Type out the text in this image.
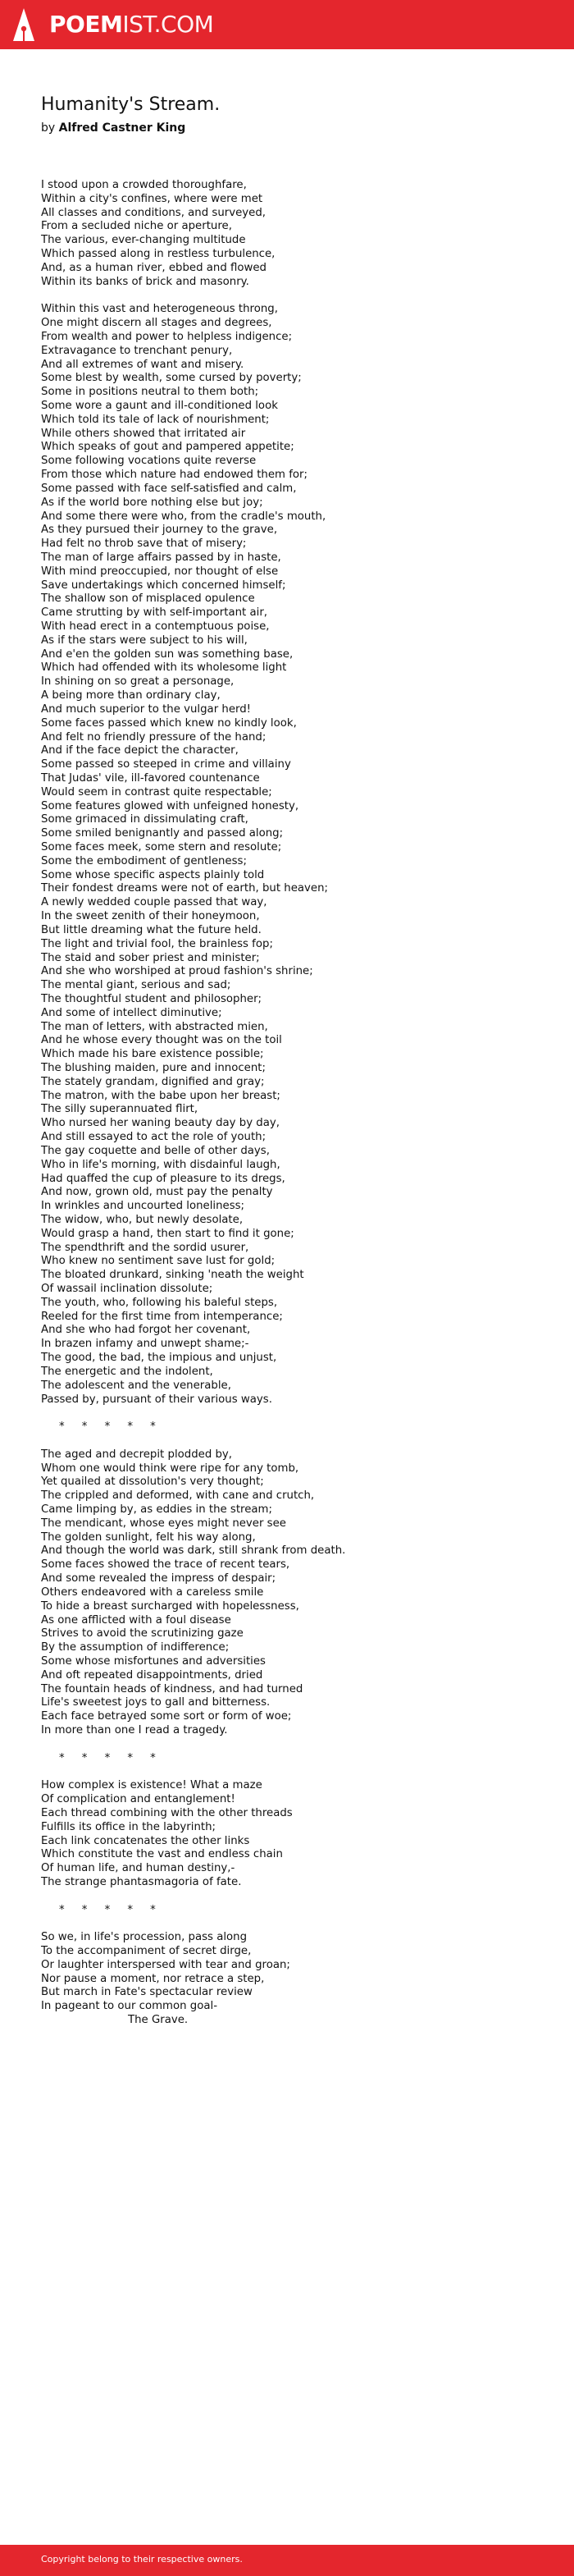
POEMIST.COM
Humanity's Stream.
by Alfred Castner King
I stood upon a crowded thoroughfare,
Within a city's confines, where were met
All classes and conditions, and surveyed,
From a secluded niche or aperture,
The various, ever-changing multitude
Which passed along in restless turbulence,
And, as a human river, ebbed and flowed
Within its banks of brick and masonry.
Within this vast and heterogeneous throng,
One might discern all stages and degrees,
From wealth and power to helpless indigence;
Extravagance to trenchant penury,
And all extremes of want and misery.
Some blest by wealth, some cursed by poverty;
Some in positions neutral to them both;
Some wore a gaunt and ill-conditioned look
Which told its tale of lack of nourishment;
While others showed that irritated air
Which speaks of gout and pampered appetite;
Some following vocations quite reverse
From those which nature had endowed them for;
Some passed with face self-satisfied and calm,
As if the world bore nothing else but joy;
And some there were who, from the cradle's mouth,
As they pursued their journey to the grave,
Had felt no throb save that of misery;
The man of large affairs passed by in haste,
With mind preoccupied, nor thought of else
Save undertakings which concerned himself;
The shallow son of misplaced opulence
Came strutting by with self-important air,
With head erect in a contemptuous poise,
As if the stars were subject to his will,
And e'en the golden sun was something base,
Which had offended with its wholesome light
In shining on so great a personage,
A being more than ordinary clay,
And much superior to the vulgar herd!
Some faces passed which knew no kindly look,
And felt no friendly pressure of the hand;
And if the face depict the character,
Some passed so steeped in crime and villainy
That Judas' vile, ill-favored countenance
Would seem in contrast quite respectable;
Some features glowed with unfeigned honesty,
Some grimaced in dissimulating craft,
Some smiled benignantly and passed along;
Some faces meek, some stern and resolute;
Some the embodiment of gentleness;
Some whose specific aspects plainly told
Their fondest dreams were not of earth, but heaven;
A newly wedded couple passed that way,
In the sweet zenith of their honeymoon,
But little dreaming what the future held.
The light and trivial fool, the brainless fop;
The staid and sober priest and minister;
And she who worshiped at proud fashion's shrine;
The mental giant, serious and sad;
The thoughtful student and philosopher;
And some of intellect diminutive;
The man of letters, with abstracted mien,
And he whose every thought was on the toil
Which made his bare existence possible;
The blushing maiden, pure and innocent;
The stately grandam, dignified and gray;
The matron, with the babe upon her breast;
The silly superannuated flirt,
Who nursed her waning beauty day by day,
And still essayed to act the role of youth;
The gay coquette and belle of other days,
Who in life's morning, with disdainful laugh,
Had quaffed the cup of pleasure to its dregs,
And now, grown old, must pay the penalty
In wrinkles and uncourted loneliness;
The widow, who, but newly desolate,
Would grasp a hand, then start to find it gone;
The spendthrift and the sordid usurer,
Who knew no sentiment save lust for gold;
The bloated drunkard, sinking 'neath the weight
Of wassail inclination dissolute;
The youth, who, following his baleful steps,
Reeled for the first time from intemperance;
And she who had forgot her covenant,
In brazen infamy and unwept shame;-
The good, the bad, the impious and unjust,
The energetic and the indolent,
The adolescent and the venerable,
Passed by, pursuant of their various ways.
*     *     *     *     *
The aged and decrepit plodded by,
Whom one would think were ripe for any tomb,
Yet quailed at dissolution's very thought;
The crippled and deformed, with cane and crutch,
Came limping by, as eddies in the stream;
The mendicant, whose eyes might never see
The golden sunlight, felt his way along,
And though the world was dark, still shrank from death.
Some faces showed the trace of recent tears,
And some revealed the impress of despair;
Others endeavored with a careless smile
To hide a breast surcharged with hopelessness,
As one afflicted with a foul disease
Strives to avoid the scrutinizing gaze
By the assumption of indifference;
Some whose misfortunes and adversities
And oft repeated disappointments, dried
The fountain heads of kindness, and had turned
Life's sweetest joys to gall and bitterness.
Each face betrayed some sort or form of woe;
In more than one I read a tragedy.
*     *     *     *     *
How complex is existence! What a maze
Of complication and entanglement!
Each thread combining with the other threads
Fulfills its office in the labyrinth;
Each link concatenates the other links
Which constitute the vast and endless chain
Of human life, and human destiny,-
The strange phantasmagoria of fate.
*     *     *     *     *
So we, in life's procession, pass along
To the accompaniment of secret dirge,
Or laughter interspersed with tear and groan;
Nor pause a moment, nor retrace a step,
But march in Fate's spectacular review
In pageant to our common goal-
The Grave.
Copyright belong to their respective owners.
